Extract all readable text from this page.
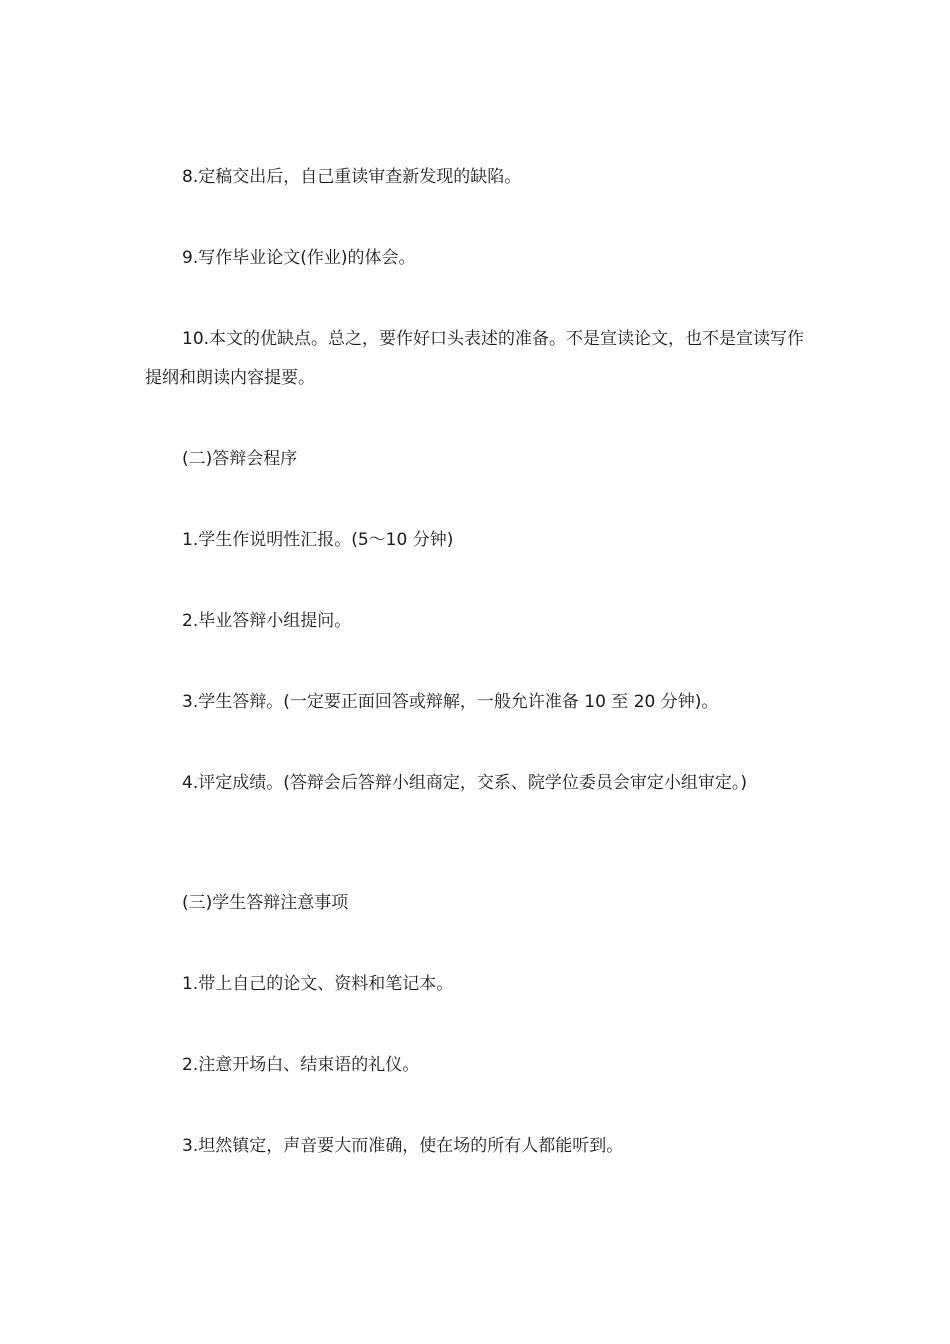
8.定稿交出后，自己重读审查新发现的缺陷。

9.写作毕业论文(作业)的体会。

10.本文的优缺点。总之，要作好口头表述的准备。不是宣读论文，也不是宣读写作提纲和朗读内容提要。

(二)答辩会程序

1.学生作说明性汇报。(5～10 分钟)

2.毕业答辩小组提问。

3.学生答辩。(一定要正面回答或辩解，一般允许准备 10 至 20 分钟)。

4.评定成绩。(答辩会后答辩小组商定，交系、院学位委员会审定小组审定。)

(三)学生答辩注意事项

1.带上自己的论文、资料和笔记本。

2.注意开场白、结束语的礼仪。

3.坦然镇定，声音要大而准确，使在场的所有人都能听到。
